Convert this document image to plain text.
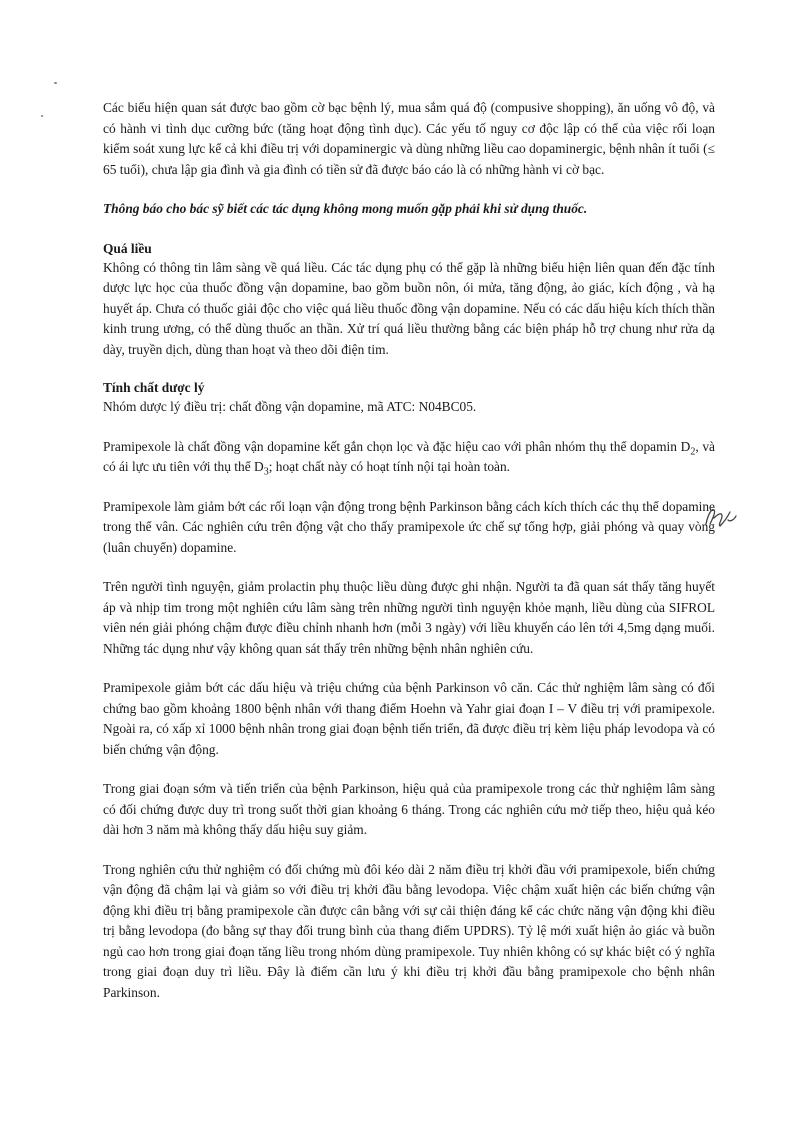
Các biểu hiện quan sát được bao gồm cờ bạc bệnh lý, mua sắm quá độ (compusive shopping), ăn uống vô độ, và có hành vi tình dục cưỡng bức (tăng hoạt động tình dục). Các yếu tố nguy cơ độc lập có thể của việc rối loạn kiểm soát xung lực kể cả khi điều trị với dopaminergic và dùng những liều cao dopaminergic, bệnh nhân ít tuổi (≤ 65 tuổi), chưa lập gia đình và gia đình có tiền sử đã được báo cáo là có những hành vi cờ bạc.

Thông báo cho bác sỹ biết các tác dụng không mong muốn gặp phải khi sử dụng thuốc.

Quá liều

Không có thông tin lâm sàng về quá liều. Các tác dụng phụ có thể gặp là những biểu hiện liên quan đến đặc tính dược lực học của thuốc đồng vận dopamine, bao gồm buồn nôn, ói mửa, tăng động, ảo giác, kích động , và hạ huyết áp. Chưa có thuốc giải độc cho việc quá liều thuốc đồng vận dopamine. Nếu có các dấu hiệu kích thích thần kinh trung ương, có thể dùng thuốc an thần. Xử trí quá liều thường bằng các biện pháp hỗ trợ chung như rửa dạ dày, truyền dịch, dùng than hoạt và theo dõi điện tim.

Tính chất dược lý

Nhóm dược lý điều trị: chất đồng vận dopamine, mã ATC: N04BC05.

Pramipexole là chất đồng vận dopamine kết gắn chọn lọc và đặc hiệu cao với phân nhóm thụ thể dopamin $D_2$, và có ái lực ưu tiên với thụ thể $D_3$; hoạt chất này có hoạt tính nội tại hoàn toàn.

Pramipexole làm giảm bớt các rối loạn vận động trong bệnh Parkinson bằng cách kích thích các thụ thể dopamine trong thể vân. Các nghiên cứu trên động vật cho thấy pramipexole ức chế sự tổng hợp, giải phóng và quay vòng (luân chuyển) dopamine.

Trên người tình nguyện, giảm prolactin phụ thuộc liều dùng được ghi nhận. Người ta đã quan sát thấy tăng huyết áp và nhịp tim trong một nghiên cứu lâm sàng trên những người tình nguyện khỏe mạnh, liều dùng của SIFROL viên nén giải phóng chậm được điều chỉnh nhanh hơn (mỗi 3 ngày) với liều khuyến cáo lên tới 4,5mg dạng muối. Những tác dụng như vậy không quan sát thấy trên những bệnh nhân nghiên cứu.

Pramipexole giảm bớt các dấu hiệu và triệu chứng của bệnh Parkinson vô căn. Các thử nghiệm lâm sàng có đối chứng bao gồm khoảng 1800 bệnh nhân với thang điểm Hoehn và Yahr giai đoạn I – V điều trị với pramipexole. Ngoài ra, có xấp xỉ 1000 bệnh nhân trong giai đoạn bệnh tiến triển, đã được điều trị kèm liệu pháp levodopa và có biến chứng vận động.

Trong giai đoạn sớm và tiến triển của bệnh Parkinson, hiệu quả của pramipexole trong các thử nghiệm lâm sàng có đối chứng được duy trì trong suốt thời gian khoảng 6 tháng. Trong các nghiên cứu mở tiếp theo, hiệu quả kéo dài hơn 3 năm mà không thấy dấu hiệu suy giảm.

Trong nghiên cứu thử nghiệm có đối chứng mù đôi kéo dài 2 năm điều trị khởi đầu với pramipexole, biến chứng vận động đã chậm lại và giảm so với điều trị khởi đầu bằng levodopa. Việc chậm xuất hiện các biến chứng vận động khi điều trị bằng pramipexole cần được cân bằng với sự cải thiện đáng kể các chức năng vận động khi điều trị bằng levodopa (đo bằng sự thay đổi trung bình của thang điểm UPDRS). Tỷ lệ mới xuất hiện ảo giác và buồn ngủ cao hơn trong giai đoạn tăng liều trong nhóm dùng pramipexole. Tuy nhiên không có sự khác biệt có ý nghĩa trong giai đoạn duy trì liều. Đây là điểm cần lưu ý khi điều trị khởi đầu bằng pramipexole cho bệnh nhân Parkinson.
